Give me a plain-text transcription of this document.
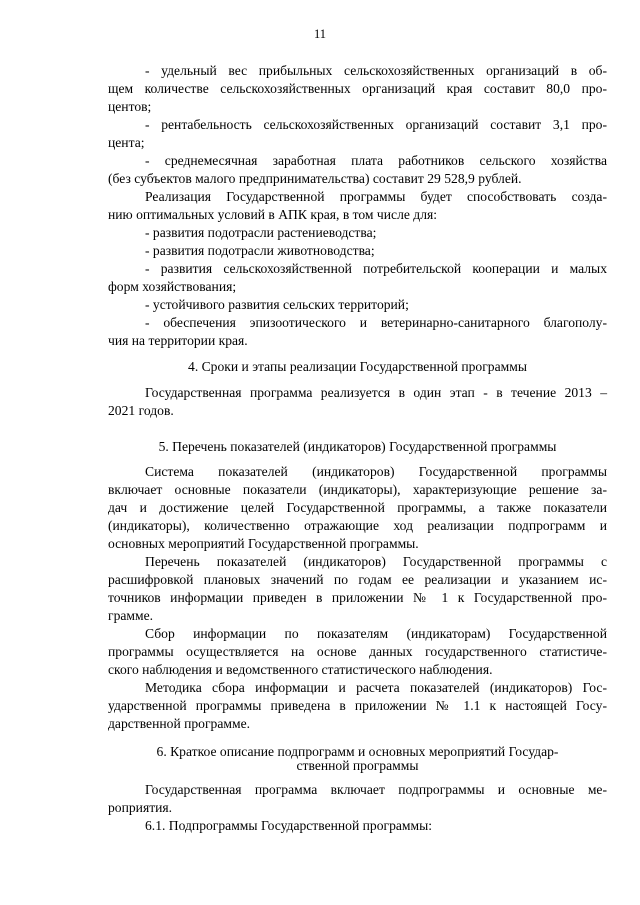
11
- удельный вес прибыльных сельскохозяйственных организаций в об-
щем количестве сельскохозяйственных организаций края составит 80,0 про-
центов;
- рентабельность сельскохозяйственных организаций составит 3,1 про-
цента;
- среднемесячная заработная плата работников сельского хозяйства
(без субъектов малого предпринимательства) составит 29 528,9 рублей.
Реализация Государственной программы будет способствовать созда-
нию оптимальных условий в АПК края, в том числе для:
- развития подотрасли растениеводства;
- развития подотрасли животноводства;
- развития сельскохозяйственной потребительской кооперации и малых
форм хозяйствования;
- устойчивого развития сельских территорий;
- обеспечения эпизоотического и ветеринарно-санитарного благополу-
чия на территории края.
4. Сроки и этапы реализации Государственной программы
Государственная программа реализуется в один этап - в течение 2013 –
2021 годов.
5. Перечень показателей (индикаторов) Государственной программы
Система показателей (индикаторов) Государственной программы
включает основные показатели (индикаторы), характеризующие решение за-
дач и достижение целей Государственной программы, а также показатели
(индикаторы), количественно отражающие ход реализации подпрограмм и
основных мероприятий Государственной программы.
Перечень показателей (индикаторов) Государственной программы с
расшифровкой плановых значений по годам ее реализации и указанием ис-
точников информации приведен в приложении № 1 к Государственной про-
грамме.
Сбор информации по показателям (индикаторам) Государственной
программы осуществляется на основе данных государственного статистиче-
ского наблюдения и ведомственного статистического наблюдения.
Методика сбора информации и расчета показателей (индикаторов) Гос-
ударственной программы приведена в приложении № 1.1 к настоящей Госу-
дарственной программе.
6. Краткое описание подпрограмм и основных мероприятий Государ-
ственной программы
Государственная программа включает подпрограммы и основные ме-
роприятия.
6.1. Подпрограммы Государственной программы:
